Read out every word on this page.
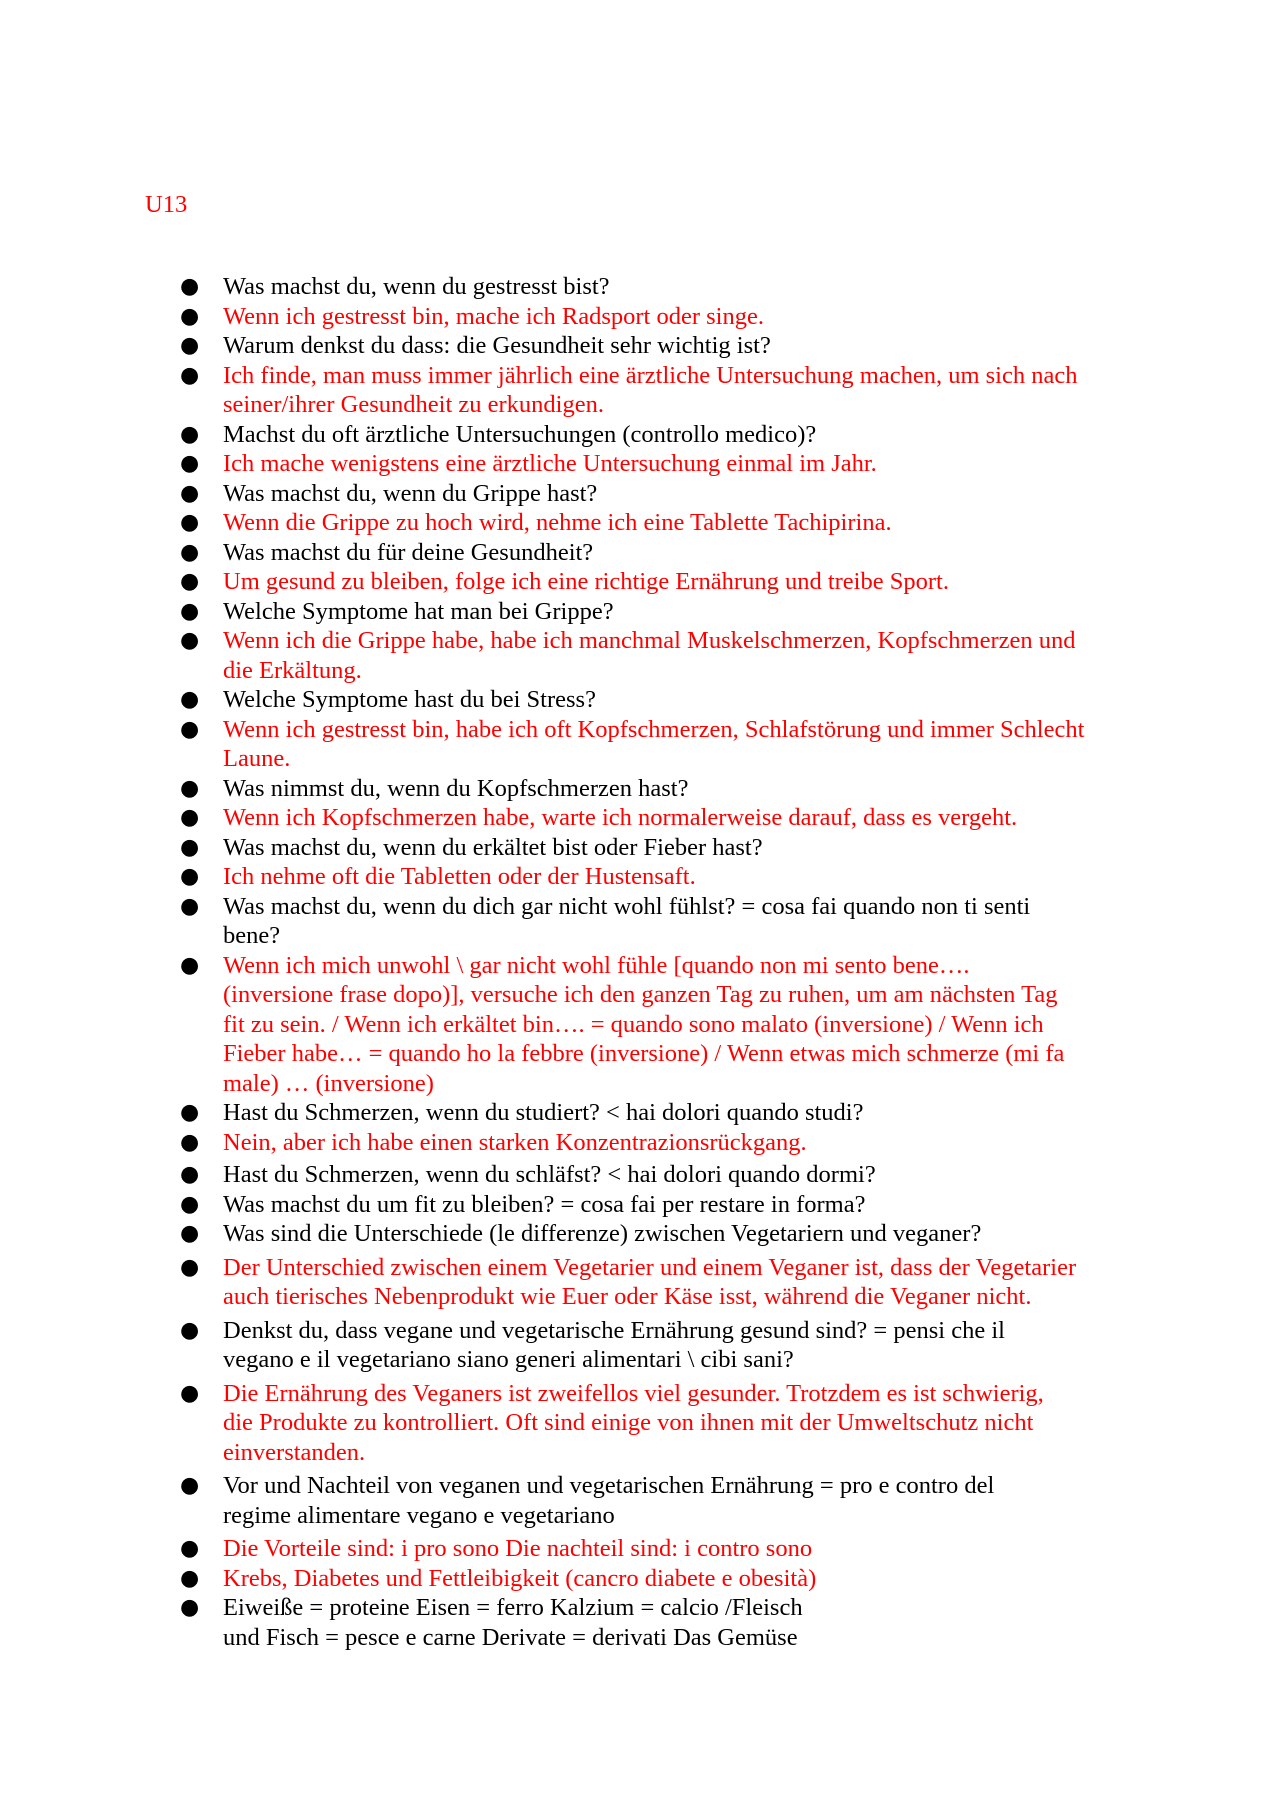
U13
● Was machst du, wenn du gestresst bist?
● Wenn ich gestresst bin, mache ich Radsport oder singe.
● Warum denkst du dass: die Gesundheit sehr wichtig ist?
● Ich finde, man muss immer jährlich eine ärztliche Untersuchung machen, um sich nach
seiner/ihrer Gesundheit zu erkundigen.
● Machst du oft ärztliche Untersuchungen (controllo medico)?
● Ich mache wenigstens eine ärztliche Untersuchung einmal im Jahr.
● Was machst du, wenn du Grippe hast?
● Wenn die Grippe zu hoch wird, nehme ich eine Tablette Tachipirina.
● Was machst du für deine Gesundheit?
● Um gesund zu bleiben, folge ich eine richtige Ernährung und treibe Sport.
● Welche Symptome hat man bei Grippe?
● Wenn ich die Grippe habe, habe ich manchmal Muskelschmerzen, Kopfschmerzen und
die Erkältung.
● Welche Symptome hast du bei Stress?
● Wenn ich gestresst bin, habe ich oft Kopfschmerzen, Schlafstörung und immer Schlecht
Laune.
● Was nimmst du, wenn du Kopfschmerzen hast?
● Wenn ich Kopfschmerzen habe, warte ich normalerweise darauf, dass es vergeht.
● Was machst du, wenn du erkältet bist oder Fieber hast?
● Ich nehme oft die Tabletten oder der Hustensaft.
● Was machst du, wenn du dich gar nicht wohl fühlst? = cosa fai quando non ti senti
bene?
● Wenn ich mich unwohl \ gar nicht wohl fühle [quando non mi sento bene….
(inversione frase dopo)], versuche ich den ganzen Tag zu ruhen, um am nächsten Tag
fit zu sein. / Wenn ich erkältet bin…. = quando sono malato (inversione) / Wenn ich
Fieber habe… = quando ho la febbre (inversione) / Wenn etwas mich schmerze (mi fa
male) … (inversione)
● Hast du Schmerzen, wenn du studiert? < hai dolori quando studi?
● Nein, aber ich habe einen starken Konzentrazionsrückgang.
● Hast du Schmerzen, wenn du schläfst? < hai dolori quando dormi?
● Was machst du um fit zu bleiben? = cosa fai per restare in forma?
● Was sind die Unterschiede (le differenze) zwischen Vegetariern und veganer?
● Der Unterschied zwischen einem Vegetarier und einem Veganer ist, dass der Vegetarier
auch tierisches Nebenprodukt wie Euer oder Käse isst, während die Veganer nicht.
● Denkst du, dass vegane und vegetarische Ernährung gesund sind? = pensi che il
vegano e il vegetariano siano generi alimentari \ cibi sani?
● Die Ernährung des Veganers ist zweifellos viel gesunder. Trotzdem es ist schwierig,
die Produkte zu kontrolliert. Oft sind einige von ihnen mit der Umweltschutz nicht
einverstanden.
● Vor und Nachteil von veganen und vegetarischen Ernährung = pro e contro del
regime alimentare vegano e vegetariano
● Die Vorteile sind: i pro sono Die nachteil sind: i contro sono
● Krebs, Diabetes und Fettleibigkeit (cancro diabete e obesità)
● Eiweiße = proteine Eisen = ferro Kalzium = calcio /Fleisch
und Fisch = pesce e carne Derivate = derivati Das Gemüse
